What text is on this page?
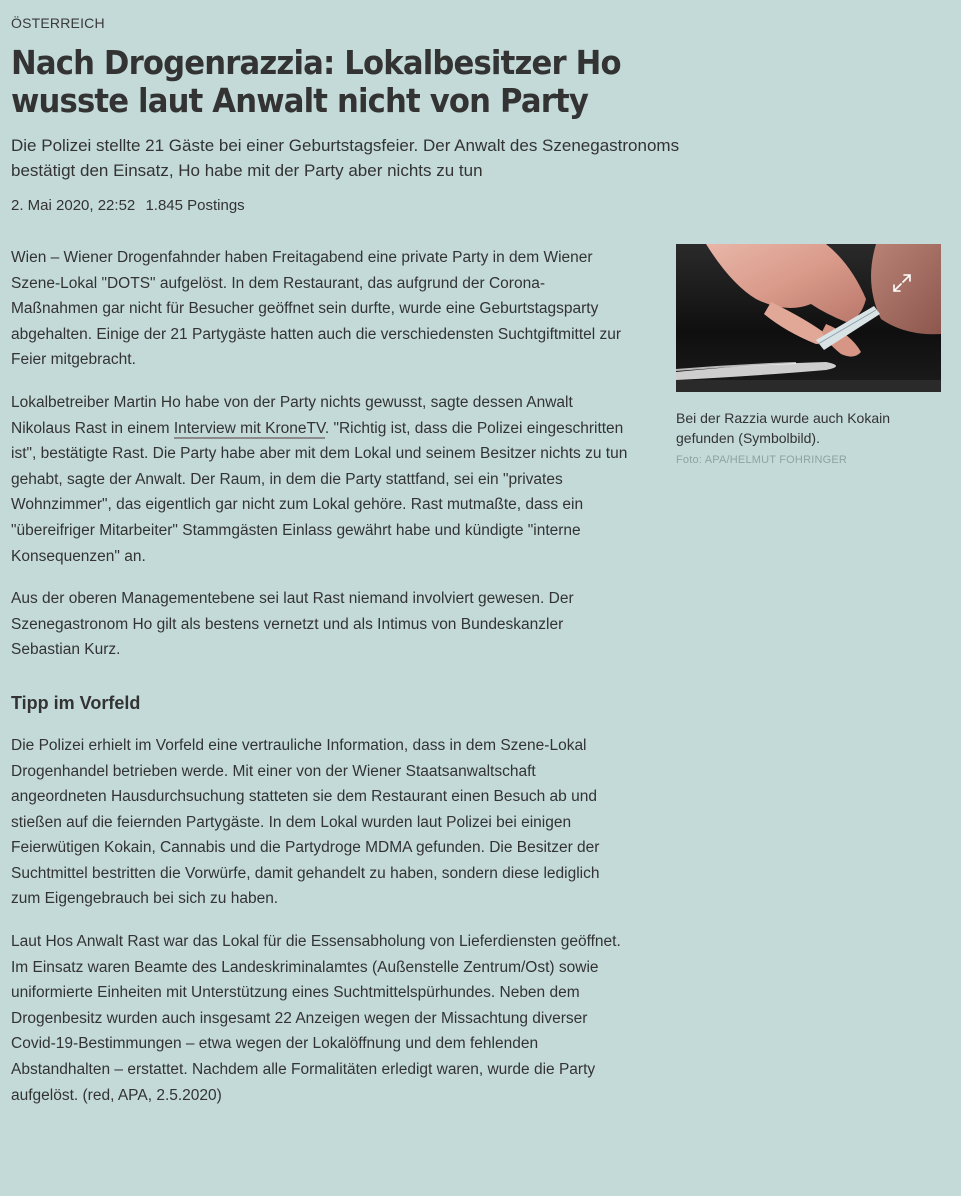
ÖSTERREICH
Nach Drogenrazzia: Lokalbesitzer Ho wusste laut Anwalt nicht von Party

Die Polizei stellte 21 Gäste bei einer Geburtstagsfeier. Der Anwalt des Szenegastronoms bestätigt den Einsatz, Ho habe mit der Party aber nichts zu tun

2. Mai 2020, 22:52 1.845 Postings

Wien – Wiener Drogenfahnder haben Freitagabend eine private Party in dem Wiener Szene-Lokal "DOTS" aufgelöst. In dem Restaurant, das aufgrund der Corona-Maßnahmen gar nicht für Besucher geöffnet sein durfte, wurde eine Geburtstagsparty abgehalten. Einige der 21 Partygäste hatten auch die verschiedensten Suchtgiftmittel zur Feier mitgebracht.

Lokalbetreiber Martin Ho habe von der Party nichts gewusst, sagte dessen Anwalt Nikolaus Rast in einem Interview mit KroneTV. "Richtig ist, dass die Polizei eingeschritten ist", bestätigte Rast. Die Party habe aber mit dem Lokal und seinem Besitzer nichts zu tun gehabt, sagte der Anwalt. Der Raum, in dem die Party stattfand, sei ein "privates Wohnzimmer", das eigentlich gar nicht zum Lokal gehöre. Rast mutmaßte, dass ein "übereifriger Mitarbeiter" Stammgästen Einlass gewährt habe und kündigte "interne Konsequenzen" an.

Aus der oberen Managementebene sei laut Rast niemand involviert gewesen. Der Szenegastronom Ho gilt als bestens vernetzt und als Intimus von Bundeskanzler Sebastian Kurz.

Tipp im Vorfeld

Die Polizei erhielt im Vorfeld eine vertrauliche Information, dass in dem Szene-Lokal Drogenhandel betrieben werde. Mit einer von der Wiener Staatsanwaltschaft angeordneten Hausdurchsuchung statteten sie dem Restaurant einen Besuch ab und stießen auf die feiernden Partygäste. In dem Lokal wurden laut Polizei bei einigen Feierwütigen Kokain, Cannabis und die Partydroge MDMA gefunden. Die Besitzer der Suchtmittel bestritten die Vorwürfe, damit gehandelt zu haben, sondern diese lediglich zum Eigengebrauch bei sich zu haben.

Laut Hos Anwalt Rast war das Lokal für die Essensabholung von Lieferdiensten geöffnet. Im Einsatz waren Beamte des Landeskriminalamtes (Außenstelle Zentrum/Ost) sowie uniformierte Einheiten mit Unterstützung eines Suchtmittelspürhundes. Neben dem Drogenbesitz wurden auch insgesamt 22 Anzeigen wegen der Missachtung diverser Covid-19-Bestimmungen – etwa wegen der Lokalöffnung und dem fehlenden Abstandhalten – erstattet. Nachdem alle Formalitäten erledigt waren, wurde die Party aufgelöst. (red, APA, 2.5.2020)

Bei der Razzia wurde auch Kokain gefunden (Symbolbild).
Foto: APA/HELMUT FOHRINGER
